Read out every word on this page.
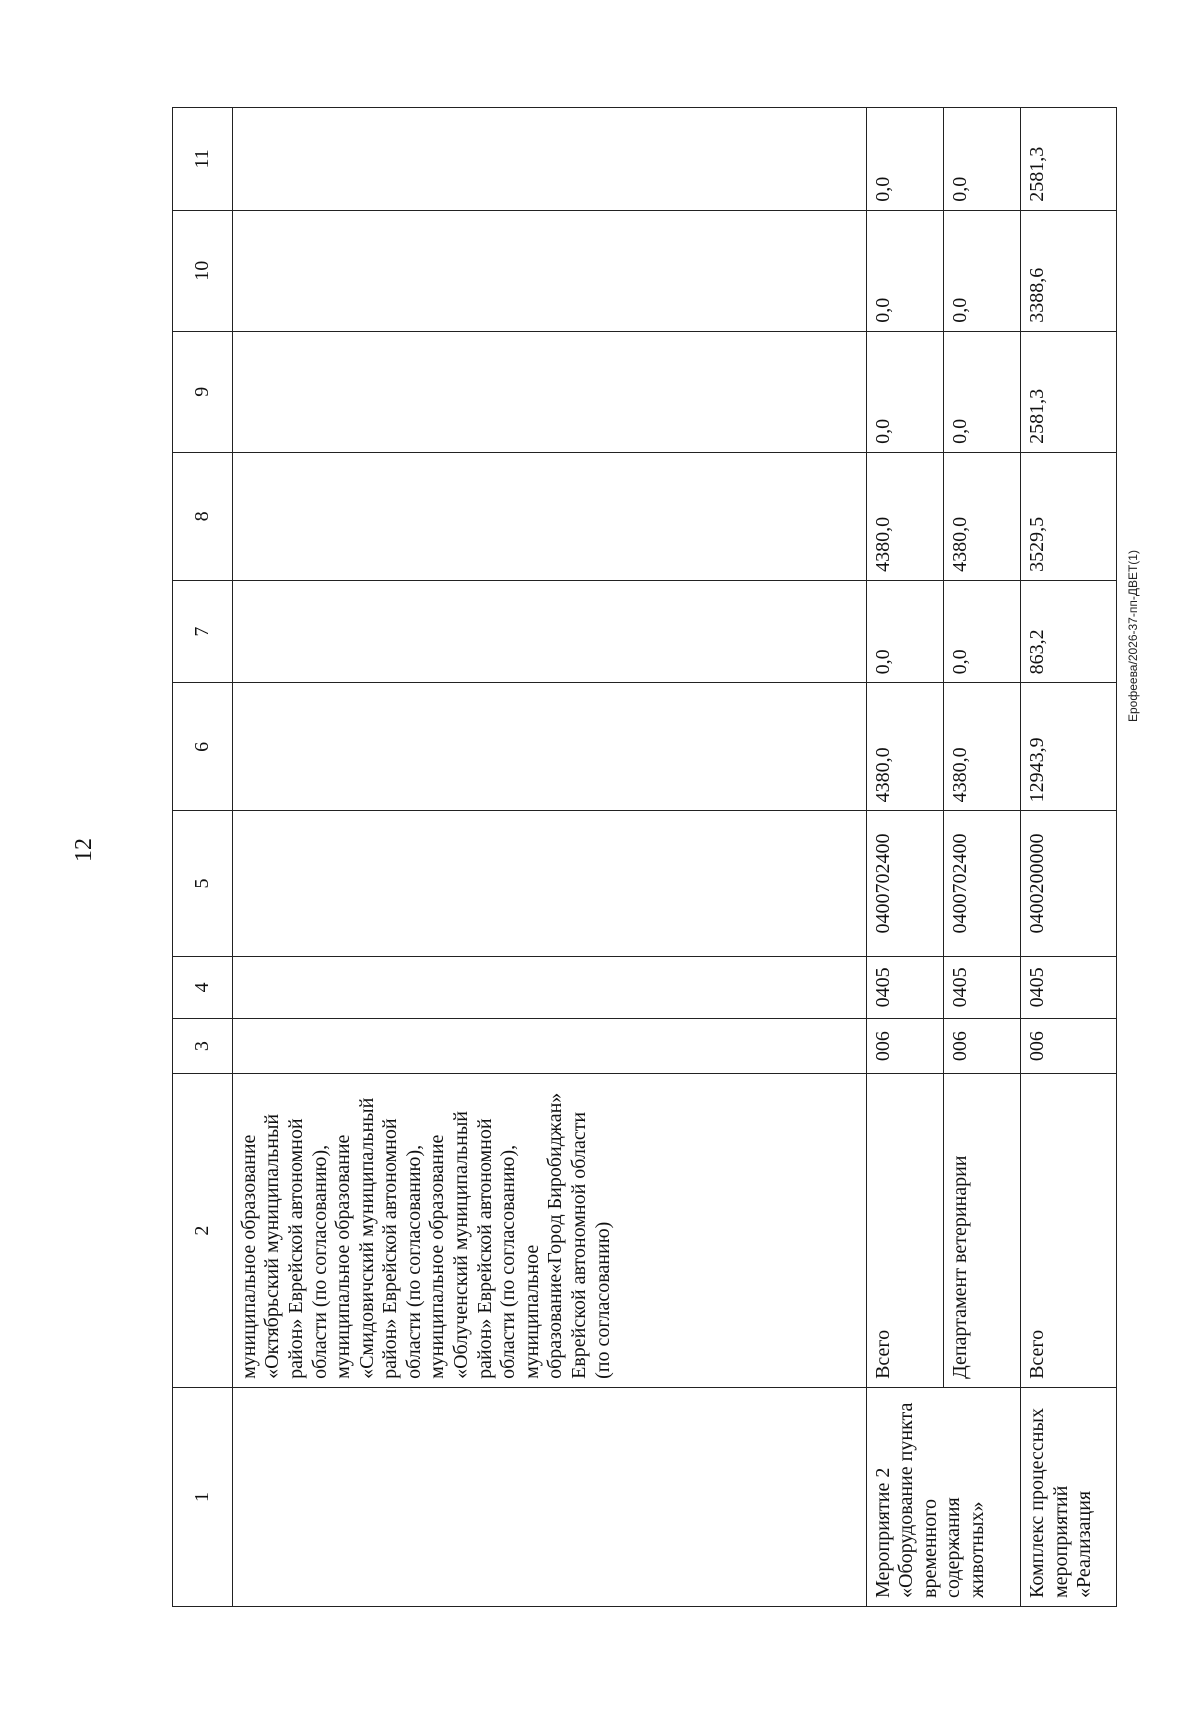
12
Ерофеева/2026-37-пп-ДВЕТ(1)
1	2	3	4	5	6	7	8	9	10	11
	муниципальное образование «Октябрьский муниципальный район» Еврейской автономной области (по согласованию), муниципальное образование «Смидовичский муниципальный район» Еврейской автономной области (по согласованию), муниципальное образование «Облученский муниципальный район» Еврейской автономной области (по согласованию), муниципальное образование«Город Биробиджан» Еврейской автономной области (по согласованию)									
Мероприятие 2 «Оборудование пункта временного содержания животных»	Всего	006	0405	0400702400	4380,0	0,0	4380,0	0,0	0,0	0,0
	Департамент ветеринарии	006	0405	0400702400	4380,0	0,0	4380,0	0,0	0,0	0,0
Комплекс процессных мероприятий «Реализация	Всего	006	0405	0400200000	12943,9	863,2	3529,5	2581,3	3388,6	2581,3
